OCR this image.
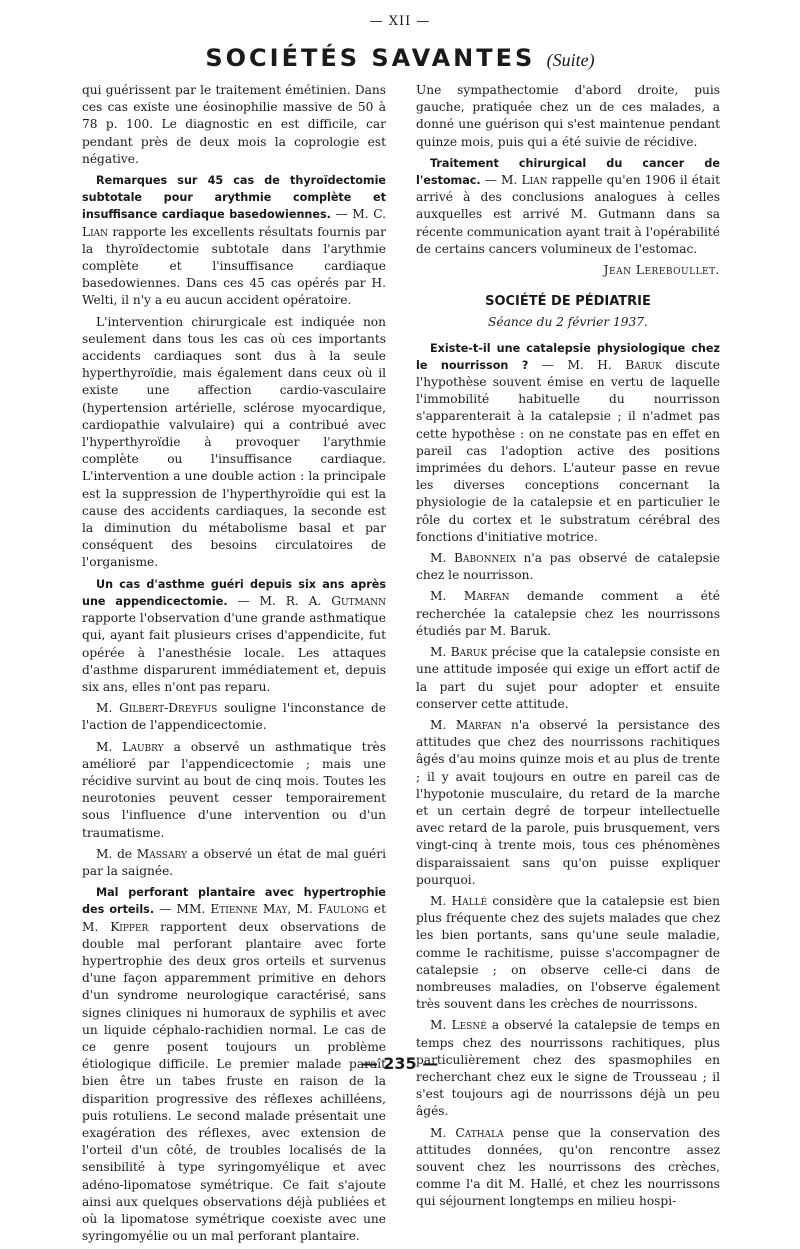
— XII —
SOCIÉTÉS SAVANTES (Suite)

qui guérissent par le traitement émétinien. Dans ces cas existe une éosinophilie massive de 50 à 78 p. 100. Le diagnostic en est difficile, car pendant près de deux mois la coprologie est négative.

Remarques sur 45 cas de thyroïdectomie subtotale pour arythmie complète et insuffisance cardiaque basedowiennes. — M. C. Lian rapporte les excellents résultats fournis par la thyroïdectomie subtotale dans l'arythmie complète et l'insuffisance cardiaque basedowiennes. Dans ces 45 cas opérés par H. Welti, il n'y a eu aucun accident opératoire.

L'intervention chirurgicale est indiquée non seulement dans tous les cas où ces importants accidents cardiaques sont dus à la seule hyperthyroïdie, mais également dans ceux où il existe une affection cardio-vasculaire (hypertension artérielle, sclérose myocardique, cardiopathie valvulaire) qui a contribué avec l'hyperthyroïdie à provoquer l'arythmie complète ou l'insuffisance cardiaque. L'intervention a une double action : la principale est la suppression de l'hyperthyroïdie qui est la cause des accidents cardiaques, la seconde est la diminution du métabolisme basal et par conséquent des besoins circulatoires de l'organisme.

Un cas d'asthme guéri depuis six ans après une appendicectomie. — M. R. A. Gutmann rapporte l'observation d'une grande asthmatique qui, ayant fait plusieurs crises d'appendicite, fut opérée à l'anesthésie locale. Les attaques d'asthme disparurent immédiatement et, depuis six ans, elles n'ont pas reparu.

M. Gilbert-Dreyfus souligne l'inconstance de l'action de l'appendicectomie.

M. Laubry a observé un asthmatique très amélioré par l'appendicectomie ; mais une récidive survint au bout de cinq mois. Toutes les neurotonies peuvent cesser temporairement sous l'influence d'une intervention ou d'un traumatisme.

M. de Massary a observé un état de mal guéri par la saignée.

Mal perforant plantaire avec hypertrophie des orteils. — MM. Etienne May, M. Faulong et M. Kipper rapportent deux observations de double mal perforant plantaire avec forte hypertrophie des deux gros orteils et survenus d'une façon apparemment primitive en dehors d'un syndrome neurologique caractérisé, sans signes cliniques ni humoraux de syphilis et avec un liquide céphalo-rachidien normal. Le cas de ce genre posent toujours un problème étiologique difficile. Le premier malade paraît bien être un tabes fruste en raison de la disparition progressive des réflexes achilléens, puis rotuliens. Le second malade présentait une exagération des réflexes, avec extension de l'orteil d'un côté, de troubles localisés de la sensibilité à type syringomyélique et avec adéno-lipomatose symétrique. Ce fait s'ajoute ainsi aux quelques observations déjà publiées et où la lipomatose symétrique coexiste avec une syringomyélie ou un mal perforant plantaire.

Une sympathectomie d'abord droite, puis gauche, pratiquée chez un de ces malades, a donné une guérison qui s'est maintenue pendant quinze mois, puis qui a été suivie de récidive.

Traitement chirurgical du cancer de l'estomac. — M. Lian rappelle qu'en 1906 il était arrivé à des conclusions analogues à celles auxquelles est arrivé M. Gutmann dans sa récente communication ayant trait à l'opérabilité de certains cancers volumineux de l'estomac.

Jean Lereboullet.
SOCIÉTÉ DE PÉDIATRIE
Séance du 2 février 1937.

Existe-t-il une catalepsie physiologique chez le nourrisson ? — M. H. Baruk discute l'hypothèse souvent émise en vertu de laquelle l'immobilité habituelle du nourrisson s'apparenterait à la catalepsie ; il n'admet pas cette hypothèse : on ne constate pas en effet en pareil cas l'adoption active des positions imprimées du dehors. L'auteur passe en revue les diverses conceptions concernant la physiologie de la catalepsie et en particulier le rôle du cortex et le substratum cérébral des fonctions d'initiative motrice.

M. Babonneix n'a pas observé de catalepsie chez le nourrisson.

M. Marfan demande comment a été recherchée la catalepsie chez les nourrissons étudiés par M. Baruk.

M. Baruk précise que la catalepsie consiste en une attitude imposée qui exige un effort actif de la part du sujet pour adopter et ensuite conserver cette attitude.

M. Marfan n'a observé la persistance des attitudes que chez des nourrissons rachitiques âgés d'au moins quinze mois et au plus de trente ; il y avait toujours en outre en pareil cas de l'hypotonie musculaire, du retard de la marche et un certain degré de torpeur intellectuelle avec retard de la parole, puis brusquement, vers vingt-cinq à trente mois, tous ces phénomènes disparaissaient sans qu'on puisse expliquer pourquoi.

M. Hallé considère que la catalepsie est bien plus fréquente chez des sujets malades que chez les bien portants, sans qu'une seule maladie, comme le rachitisme, puisse s'accompagner de catalepsie ; on observe celle-ci dans de nombreuses maladies, on l'observe également très souvent dans les crèches de nourrissons.

M. Lesné a observé la catalepsie de temps en temps chez des nourrissons rachitiques, plus particulièrement chez des spasmophiles en recherchant chez eux le signe de Trousseau ; il s'est toujours agi de nourrissons déjà un peu âgés.

M. Cathala pense que la conservation des attitudes données, qu'on rencontre assez souvent chez les nourrissons des crèches, comme l'a dit M. Hallé, et chez les nourrissons qui séjournent longtemps en milieu hospi-

— 235 —
